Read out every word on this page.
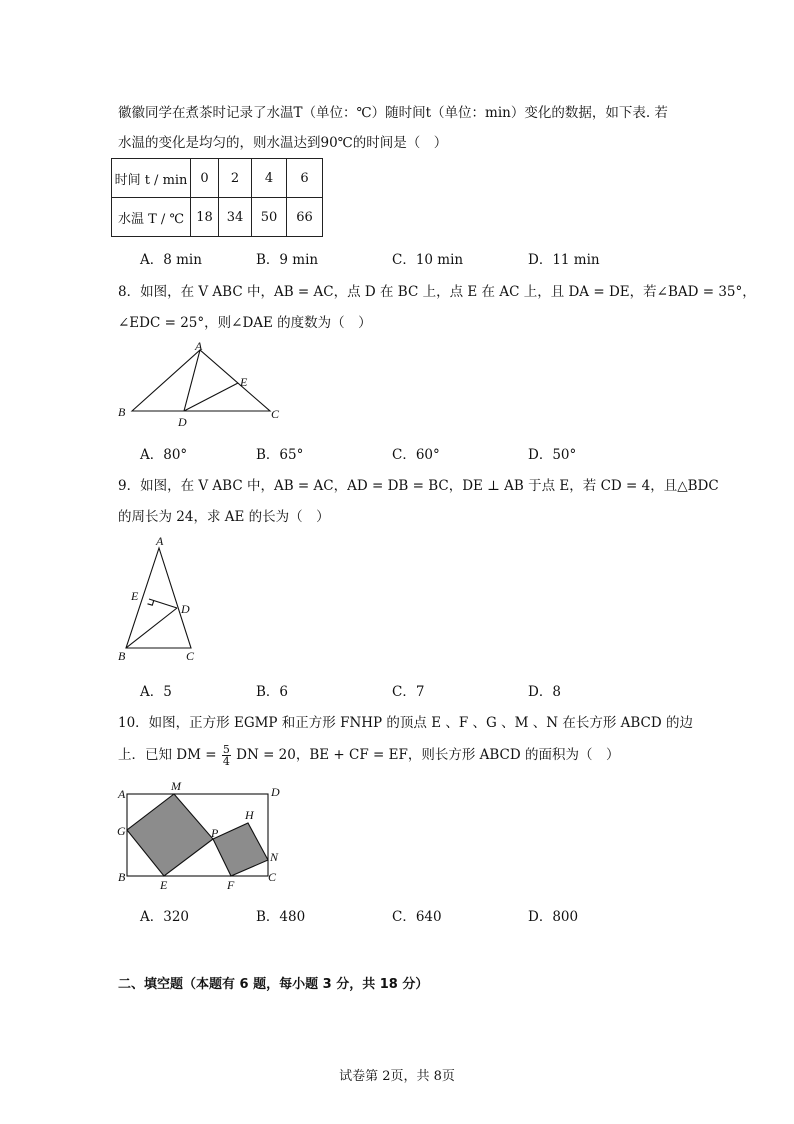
徽徽同学在煮茶时记录了水温T（单位：℃）随时间t（单位：min）变化的数据，如下表. 若
水温的变化是均匀的，则水温达到90℃的时间是（　）
时间 t / min	0	2	4	6
水温 T / ℃	18	34	50	66
A．8 min	B．9 min	C．10 min	D．11 min
8．如图，在 V ABC 中，AB = AC，点 D 在 BC 上，点 E 在 AC 上，且 DA = DE，若∠BAD = 35°，
∠EDC = 25°，则∠DAE 的度数为（　）
A
B	C
D
E
A．80°	B．65°	C．60°	D．50°
9．如图，在 V ABC 中，AB = AC，AD = DB = BC，DE ⊥ AB 于点 E，若 CD = 4，且△BDC
的周长为 24，求 AE 的长为（　）
A
E
D
B	C
A．5	B．6	C．7	D．8
10．如图，正方形 EGMP 和正方形 FNHP 的顶点 E 、F 、G 、M 、N 在长方形 ABCD 的边
上．已知 DM = $\frac{5}{4}$ DN = 20，BE + CF = EF，则长方形 ABCD 的面积为（　）
A
M	D
G	P
H
N
B
E	F
C
A．320	B．480	C．640	D．800
二、填空题（本题有 6 题，每小题 3 分，共 18 分）
试卷第 2页，共 8页
